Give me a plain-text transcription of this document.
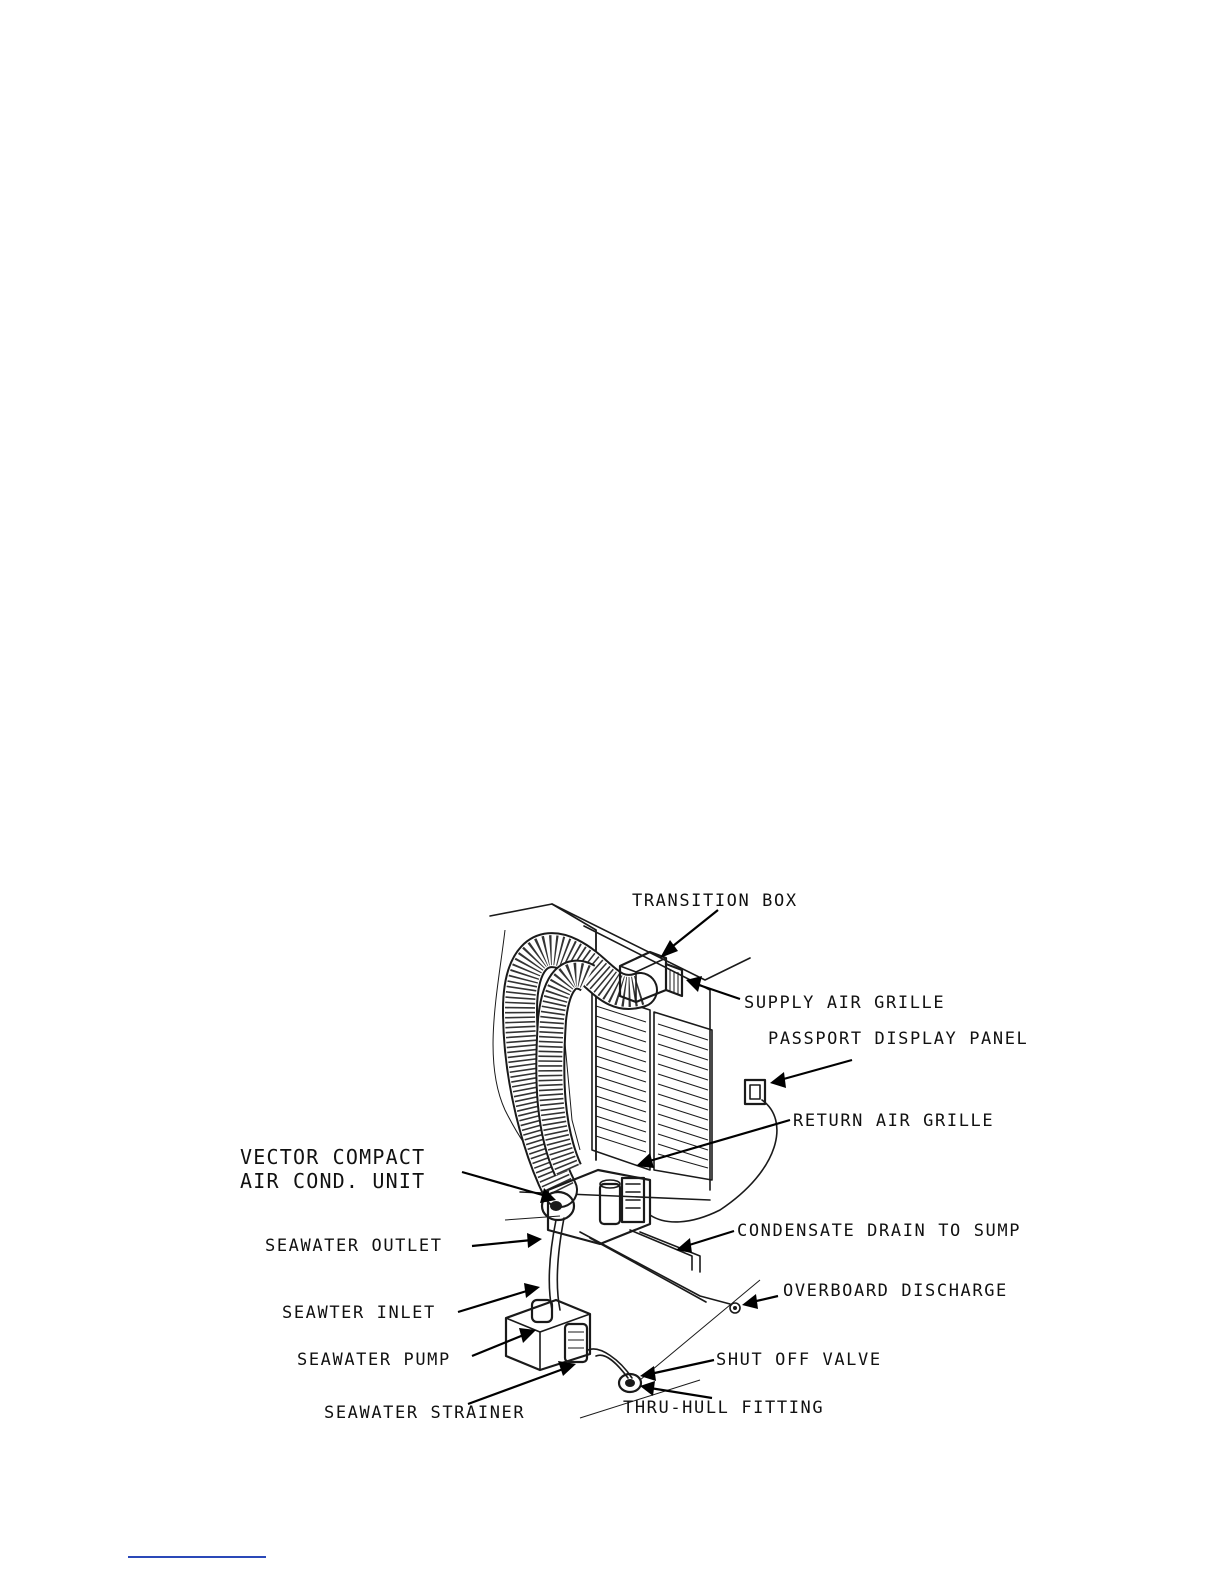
TRANSITION BOX
SUPPLY AIR GRILLE
PASSPORT DISPLAY PANEL
RETURN AIR GRILLE
VECTOR COMPACT
AIR COND. UNIT
CONDENSATE DRAIN TO SUMP
SEAWATER OUTLET
OVERBOARD DISCHARGE
SEAWTER INLET
SEAWATER PUMP	SHUT OFF VALVE
SEAWATER STRAINER	THRU-HULL FITTING
